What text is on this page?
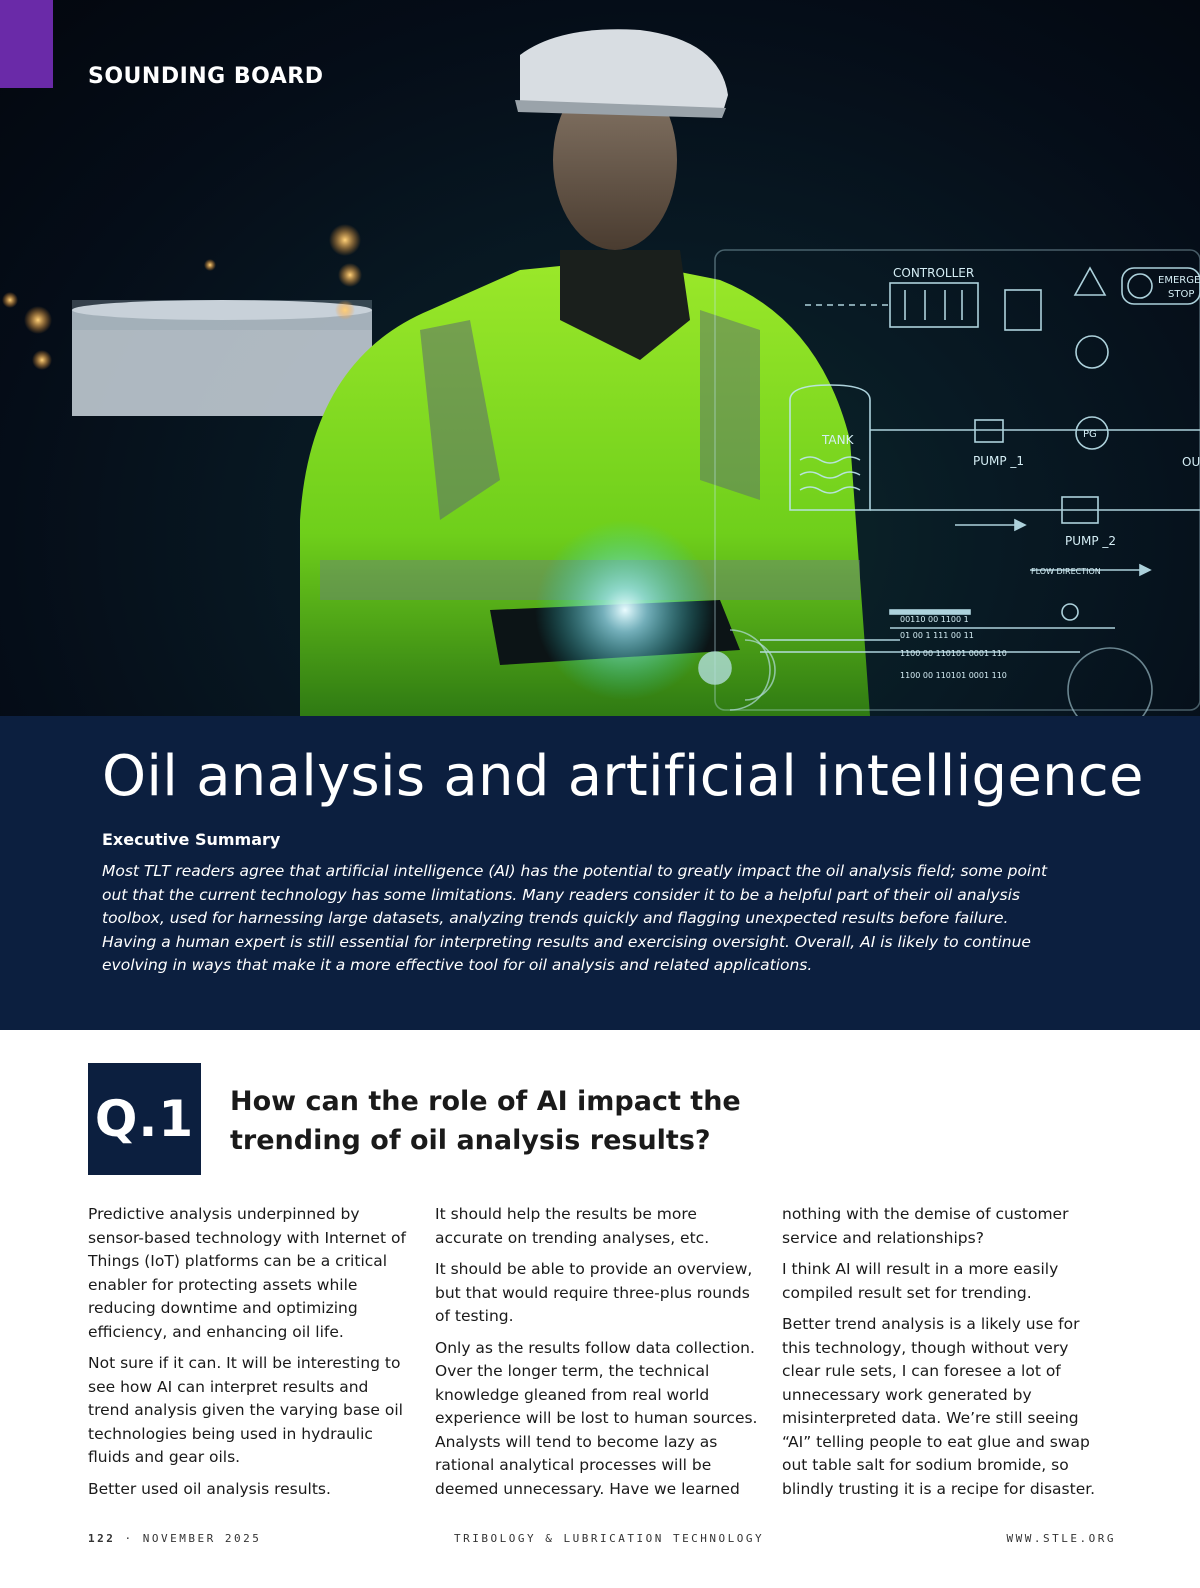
CONTROLLER
EMERGE
STOP
TANK
PUMP _1
PUMP _2
PG
FLOW DIRECTION
OU
00110 00 1100 1
01 00 1 111 00 11
1100 00 110101 0001 110
1100 00 110101 0001 110
SOUNDING BOARD
Oil analysis and artificial intelligence
Executive Summary

Most TLT readers agree that artificial intelligence (AI) has the potential to greatly impact the oil analysis field; some point out that the current technology has some limitations. Many readers consider it to be a helpful part of their oil analysis toolbox, used for harnessing large datasets, analyzing trends quickly and flagging unexpected results before failure. Having a human expert is still essential for interpreting results and exercising oversight. Overall, AI is likely to continue evolving in ways that make it a more effective tool for oil analysis and related applications.

Q.1 How can the role of AI impact the trending of oil analysis results?

Predictive analysis underpinned by sensor-based technology with Internet of Things (IoT) platforms can be a critical enabler for protecting assets while reducing downtime and optimizing efficiency, and enhancing oil life.

Not sure if it can. It will be interesting to see how AI can interpret results and trend analysis given the varying base oil technologies being used in hydraulic fluids and gear oils.

Better used oil analysis results.

It should help the results be more accurate on trending analyses, etc.

It should be able to provide an overview, but that would require three-plus rounds of testing.

Only as the results follow data collection. Over the longer term, the technical knowledge gleaned from real world experience will be lost to human sources. Analysts will tend to become lazy as rational analytical processes will be deemed unnecessary. Have we learned

nothing with the demise of customer service and relationships?

I think AI will result in a more easily compiled result set for trending.

Better trend analysis is a likely use for this technology, though without very clear rule sets, I can foresee a lot of unnecessary work generated by misinterpreted data. We’re still seeing “AI” telling people to eat glue and swap out table salt for sodium bromide, so blindly trusting it is a recipe for disaster.

122 · NOVEMBER 2025	TRIBOLOGY & LUBRICATION TECHNOLOGY	WWW.STLE.ORG
